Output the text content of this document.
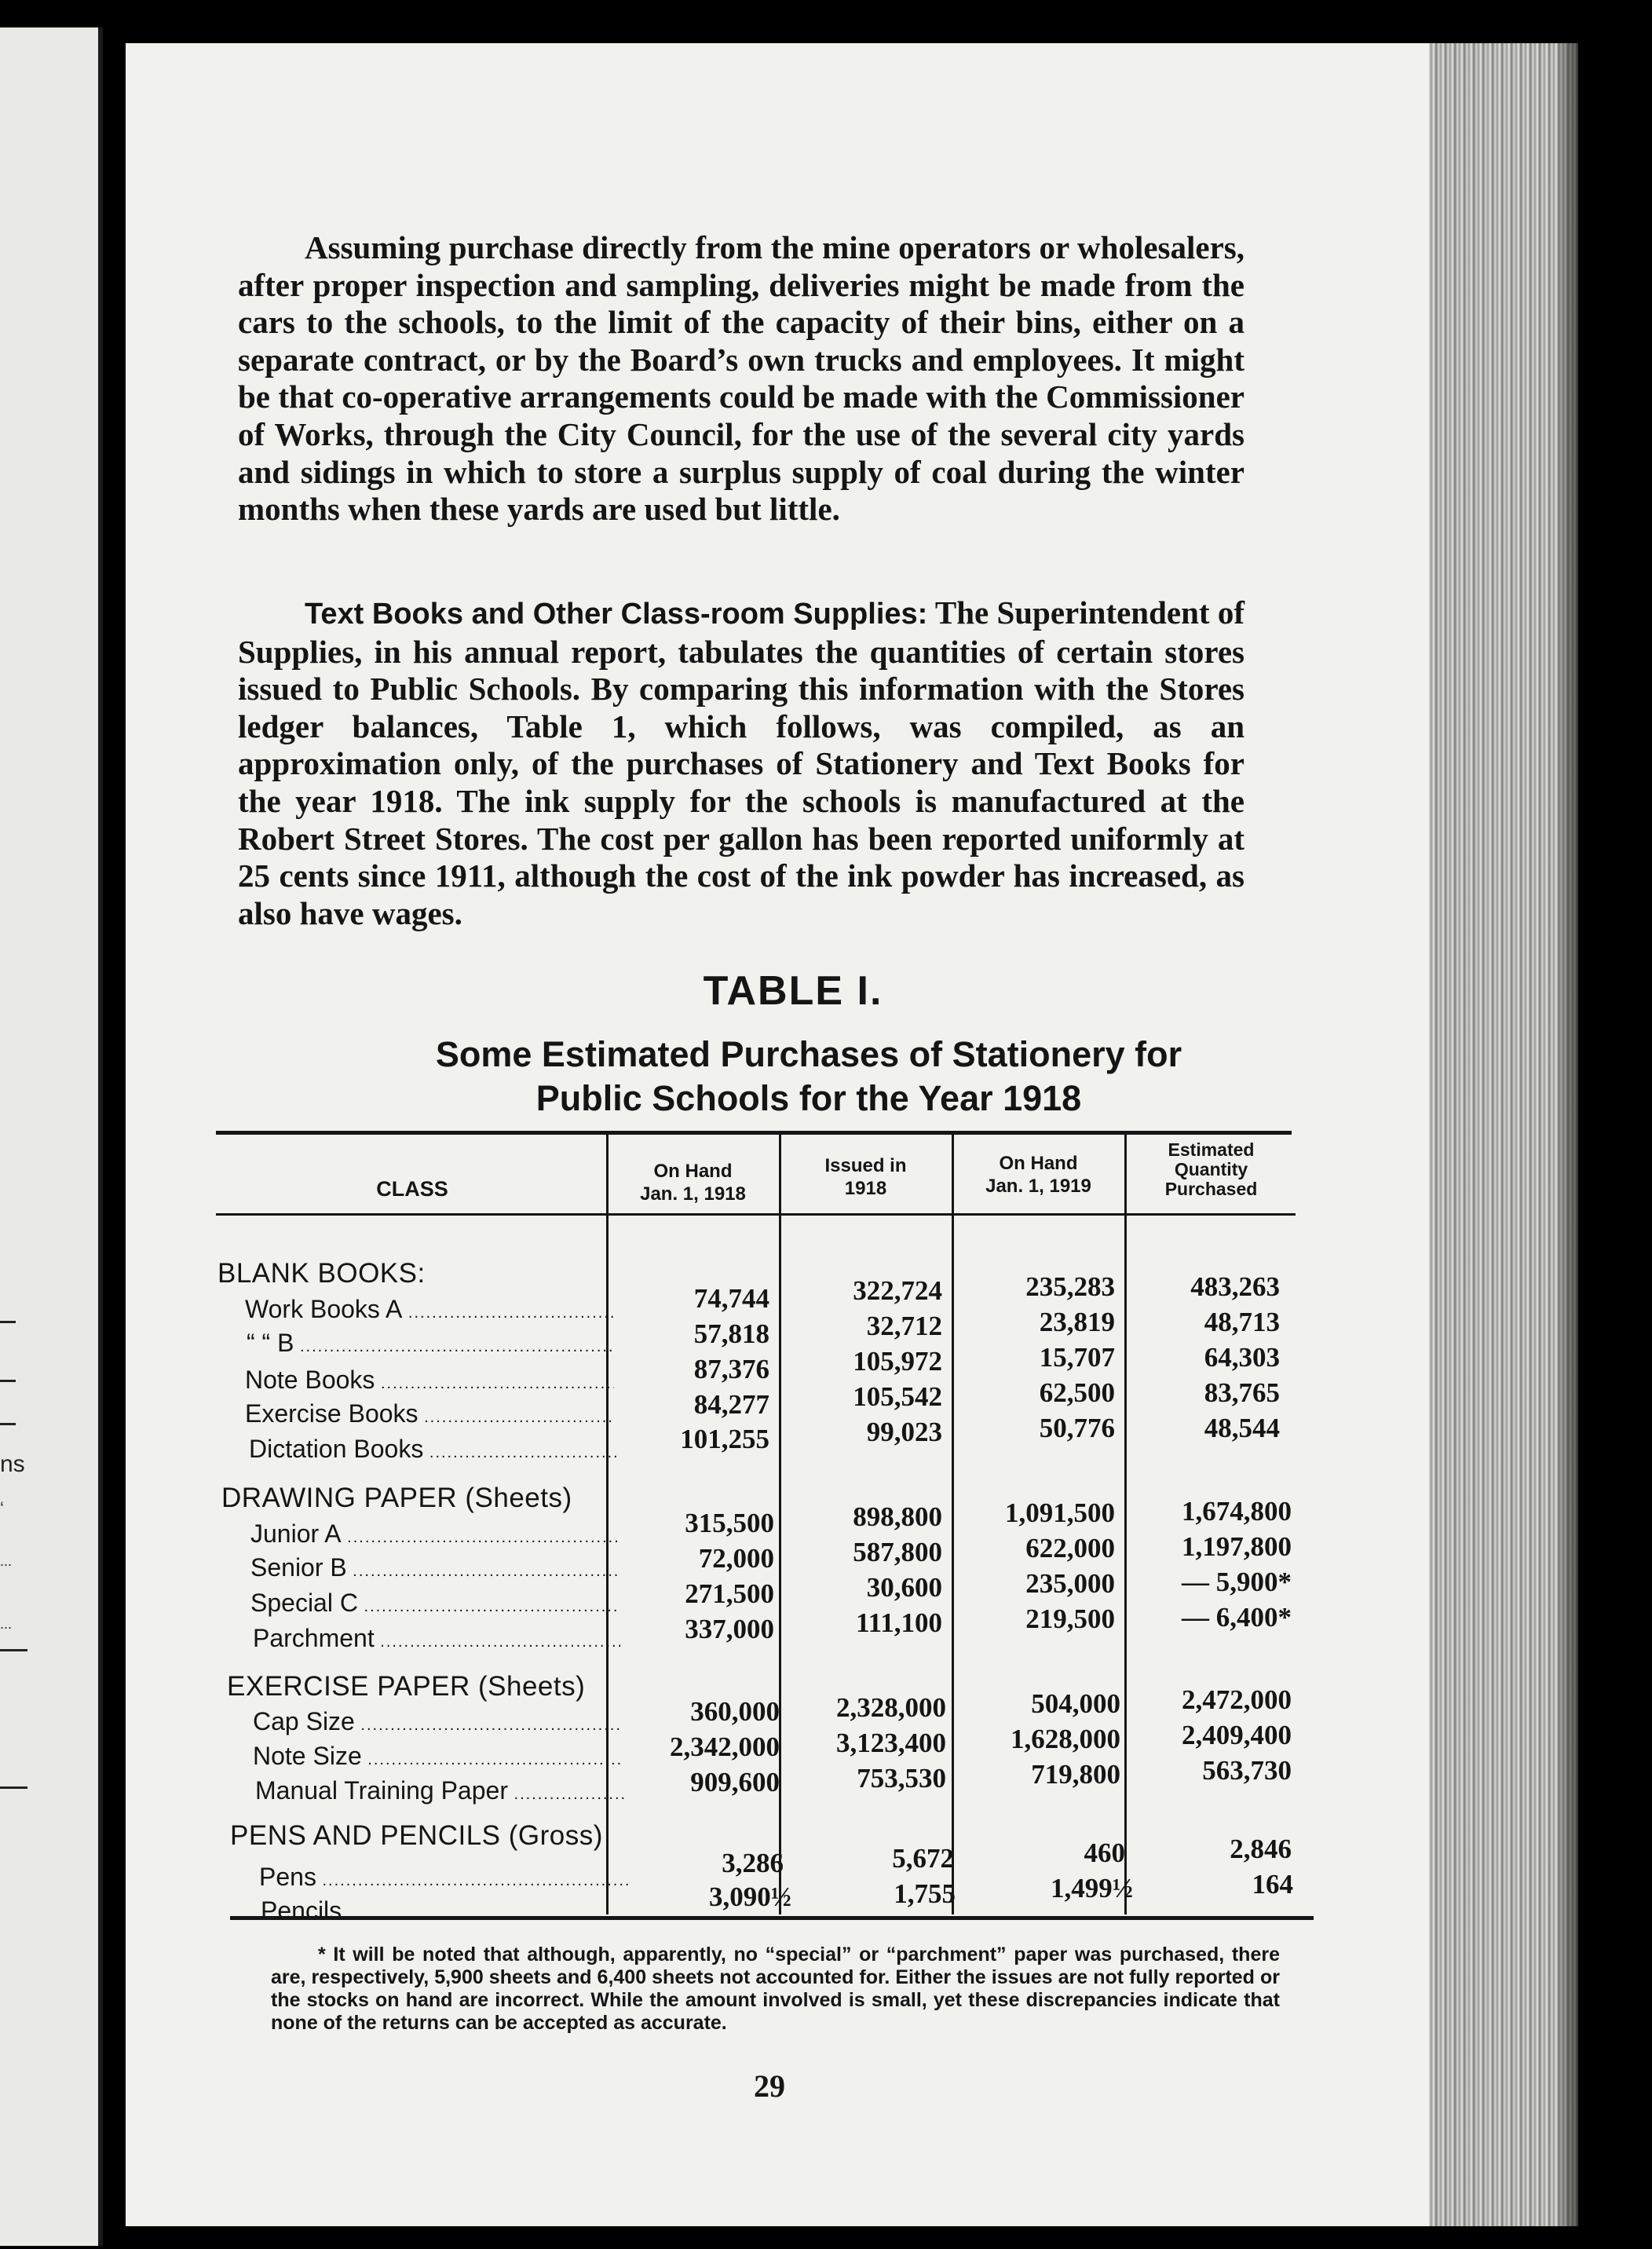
ns
‘
...
...

Assuming purchase directly from the mine operators or wholesalers, after proper inspection and sampling, deliveries might be made from the cars to the schools, to the limit of the capacity of their bins, either on a separate contract, or by the Board’s own trucks and employees. It might be that co-operative arrangements could be made with the Commissioner of Works, through the City Council, for the use of the several city yards and sidings in which to store a surplus supply of coal during the winter months when these yards are used but little.

Text Books and Other Class-room Supplies: The Superintendent of Supplies, in his annual report, tabulates the quantities of certain stores issued to Public Schools. By comparing this information with the Stores ledger balances, Table 1, which follows, was compiled, as an approximation only, of the purchases of Stationery and Text Books for the year 1918. The ink supply for the schools is manufactured at the Robert Street Stores. The cost per gallon has been reported uniformly at 25 cents since 1911, although the cost of the ink powder has increased, as also have wages.

TABLE I.
Some Estimated Purchases of Stationery for
Public Schools for the Year 1918
CLASS
On Hand
Jan. 1, 1918
Issued in
1918
On Hand
Jan. 1, 1919
Estimated
Quantity
Purchased
BLANK BOOKS:
Work Books A .....	74,744	322,724	235,283	483,263
“ “ B .....	57,818	32,712	23,819	48,713
Note Books .....	87,376	105,972	15,707	64,303
Exercise Books .....	84,277	105,542	62,500	83,765
Dictation Books .....	101,255	99,023	50,776	48,544
DRAWING PAPER (Sheets)
Junior A .....	315,500	898,800	1,091,500	1,674,800
Senior B .....	72,000	587,800	622,000	1,197,800
Special C .....	271,500	30,600	235,000	— 5,900*
Parchment .....	337,000	111,100	219,500	— 6,400*
EXERCISE PAPER (Sheets)
Cap Size .....	360,000	2,328,000	504,000	2,472,000
Note Size .....	2,342,000	3,123,400	1,628,000	2,409,400
Manual Training Paper .....	909,600	753,530	719,800	563,730
PENS AND PENCILS (Gross)
Pens .....	3,286	5,672	460	2,846
Pencils .....	3,090½	1,755	1,499½	164

* It will be noted that although, apparently, no “special” or “parchment” paper was purchased, there are, respectively, 5,900 sheets and 6,400 sheets not accounted for. Either the issues are not fully reported or the stocks on hand are incorrect. While the amount involved is small, yet these discrepancies indicate that none of the returns can be accepted as accurate.

29
